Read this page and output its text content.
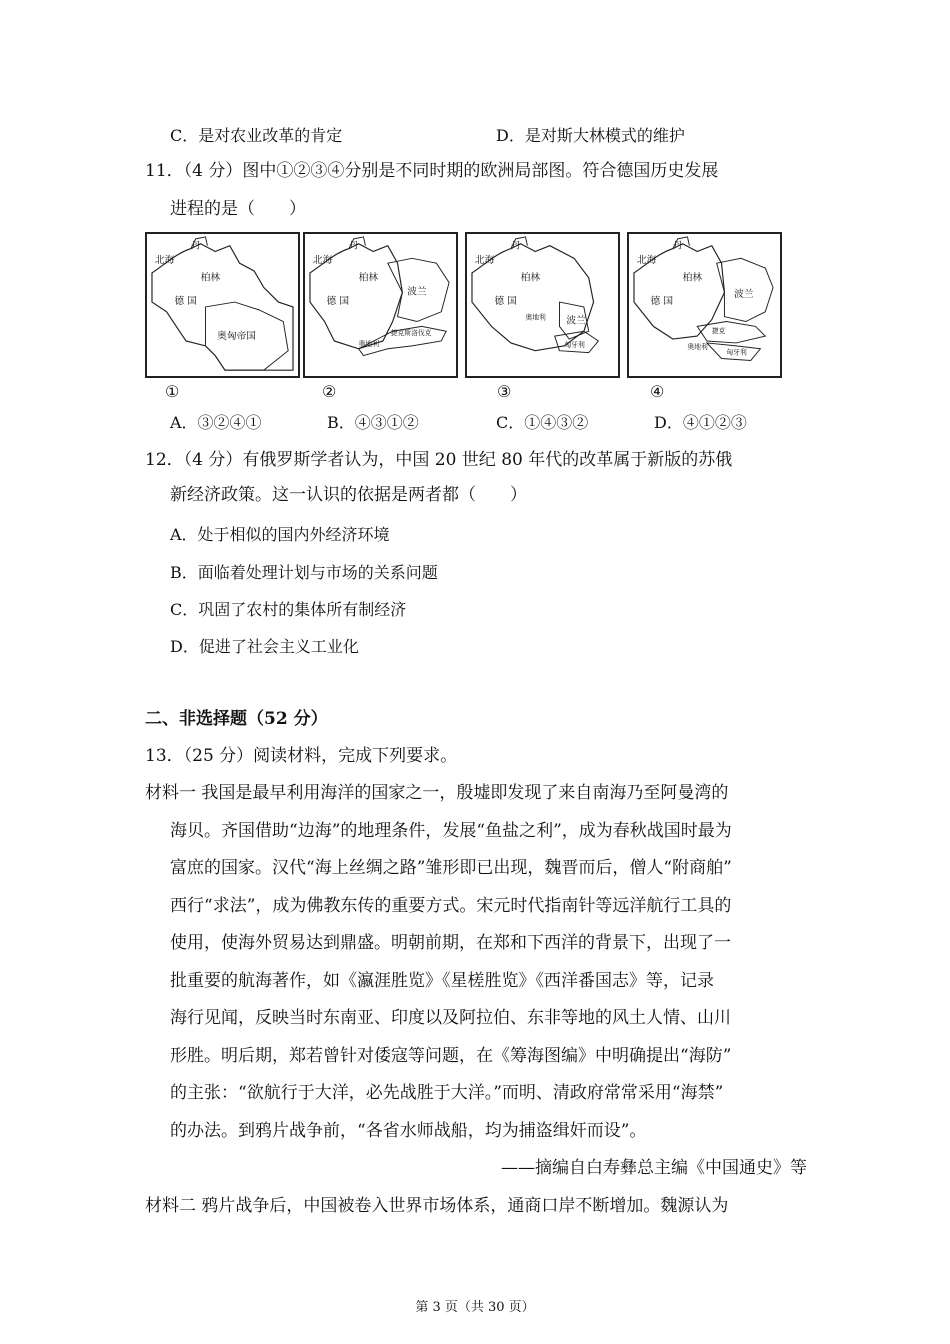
C．是对农业改革的肯定	D．是对斯大林模式的维护
11．（4 分）图中①②③④分别是不同时期的欧洲局部图。符合德国历史发展
进程的是（　　）
丹
北海
柏林
德 国
奥匈帝国
丹
北海
柏林
德 国
波兰
捷克斯洛伐克
奥地利
丹
北海
柏林
德 国
波兰
奥地利
匈牙利
丹
北海
柏林
德 国
波兰
捷克
奥地利
匈牙利
①	②	③	④
A．③②④①	B．④③①②	C．①④③②	D．④①②③
12．（4 分）有俄罗斯学者认为，中国 20 世纪 80 年代的改革属于新版的苏俄
新经济政策。这一认识的依据是两者都（　　）
A．处于相似的国内外经济环境
B．面临着处理计划与市场的关系问题
C．巩固了农村的集体所有制经济
D．促进了社会主义工业化
二、非选择题（52 分）
13．（25 分）阅读材料，完成下列要求。
材料一 我国是最早利用海洋的国家之一，殷墟即发现了来自南海乃至阿曼湾的
海贝。齐国借助“边海”的地理条件，发展“鱼盐之利”，成为春秋战国时最为
富庶的国家。汉代“海上丝绸之路”雏形即已出现，魏晋而后，僧人“附商舶”
西行“求法”，成为佛教东传的重要方式。宋元时代指南针等远洋航行工具的
使用，使海外贸易达到鼎盛。明朝前期，在郑和下西洋的背景下，出现了一
批重要的航海著作，如《瀛涯胜览》《星槎胜览》《西洋番国志》等，记录
海行见闻，反映当时东南亚、印度以及阿拉伯、东非等地的风土人情、山川
形胜。明后期，郑若曾针对倭寇等问题，在《筹海图编》中明确提出“海防”
的主张：“欲航行于大洋，必先战胜于大洋。”而明、清政府常常采用“海禁”
的办法。到鸦片战争前，“各省水师战船，均为捕盗缉奸而设”。
——摘编自白寿彝总主编《中国通史》等
材料二 鸦片战争后，中国被卷入世界市场体系，通商口岸不断增加。魏源认为
第 3 页（共 30 页）
